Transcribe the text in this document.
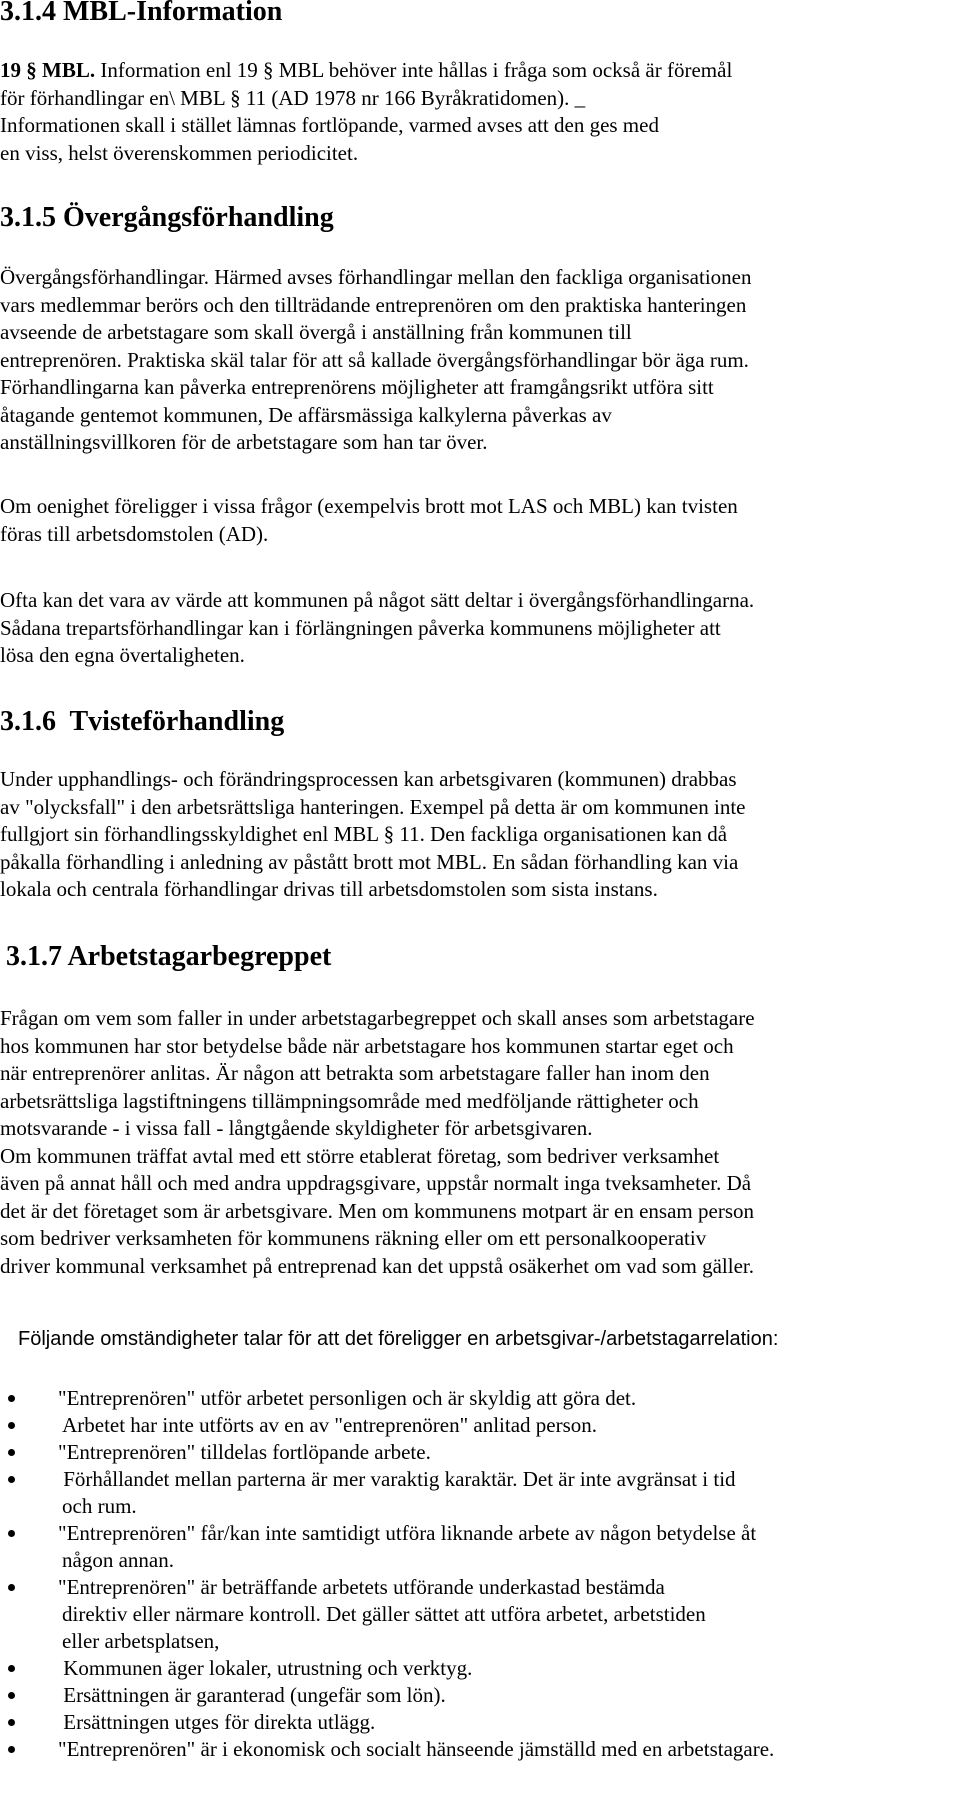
3.1.4 MBL-Information
19 § MBL. Information enl 19 § MBL behöver inte hållas i fråga som också är föremål
för förhandlingar en\ MBL § 11 (AD 1978 nr 166 Byråkratidomen). _
Informationen skall i stället lämnas fortlöpande, varmed avses att den ges med
en viss, helst överenskommen periodicitet.
3.1.5 Övergångsförhandling
Övergångsförhandlingar. Härmed avses förhandlingar mellan den fackliga organisationen
vars medlemmar berörs och den tillträdande entreprenören om den praktiska hanteringen
avseende de arbetstagare som skall övergå i anställning från kommunen till
entreprenören. Praktiska skäl talar för att så kallade övergångsförhandlingar bör äga rum.
Förhandlingarna kan påverka entreprenörens möjligheter att framgångsrikt utföra sitt
åtagande gentemot kommunen, De affärsmässiga kalkylerna påverkas av
anställningsvillkoren för de arbetstagare som han tar över.
Om oenighet föreligger i vissa frågor (exempelvis brott mot LAS och MBL) kan tvisten
föras till arbetsdomstolen (AD).
Ofta kan det vara av värde att kommunen på något sätt deltar i övergångsförhandlingarna.
Sådana trepartsförhandlingar kan i förlängningen påverka kommunens möjligheter att
lösa den egna övertaligheten.
3.1.6  Tvisteförhandling
Under upphandlings- och förändringsprocessen kan arbetsgivaren (kommunen) drabbas
av "olycksfall" i den arbetsrättsliga hanteringen. Exempel på detta är om kommunen inte
fullgjort sin förhandlingsskyldighet enl MBL § 11. Den fackliga organisationen kan då
påkalla förhandling i anledning av påstått brott mot MBL. En sådan förhandling kan via
lokala och centrala förhandlingar drivas till arbetsdomstolen som sista instans.
3.1.7 Arbetstagarbegreppet
Frågan om vem som faller in under arbetstagarbegreppet och skall anses som arbetstagare
hos kommunen har stor betydelse både när arbetstagare hos kommunen startar eget och
när entreprenörer anlitas. Är någon att betrakta som arbetstagare faller han inom den
arbetsrättsliga lagstiftningens tillämpningsområde med medföljande rättigheter och
motsvarande - i vissa fall - långtgående skyldigheter för arbetsgivaren.
Om kommunen träffat avtal med ett större etablerat företag, som bedriver verksamhet
även på annat håll och med andra uppdragsgivare, uppstår normalt inga tveksamheter. Då
det är det företaget som är arbetsgivare. Men om kommunens motpart är en ensam person
som bedriver verksamheten för kommunens räkning eller om ett personalkooperativ
driver kommunal verksamhet på entreprenad kan det uppstå osäkerhet om vad som gäller.
Följande omständigheter talar för att det föreligger en arbetsgivar-/arbetstagarrelation:
"Entreprenören" utför arbetet personligen och är skyldig att göra det.
Arbetet har inte utförts av en av "entreprenören" anlitad person.
"Entreprenören" tilldelas fortlöpande arbete.
Förhållandet mellan parterna är mer varaktig karaktär. Det är inte avgränsat i tid
och rum.
"Entreprenören" får/kan inte samtidigt utföra liknande arbete av någon betydelse åt
någon annan.
"Entreprenören" är beträffande arbetets utförande underkastad bestämda
direktiv eller närmare kontroll. Det gäller sättet att utföra arbetet, arbetstiden
eller arbetsplatsen,
Kommunen äger lokaler, utrustning och verktyg.
Ersättningen är garanterad (ungefär som lön).
Ersättningen utges för direkta utlägg.
"Entreprenören" är i ekonomisk och socialt hänseende jämställd med en arbetstagare.
